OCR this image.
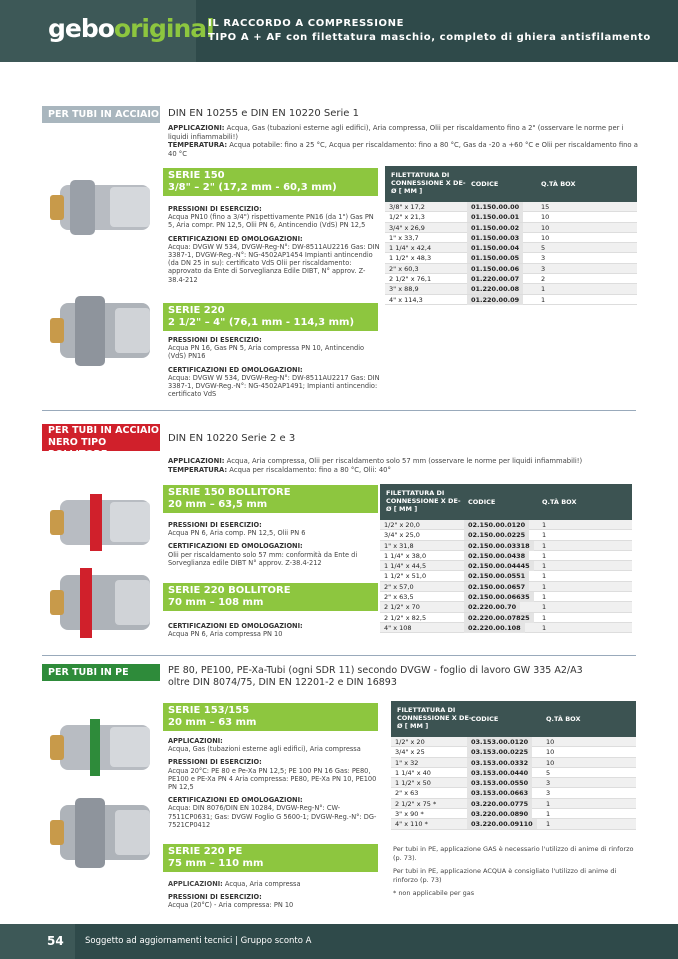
gebooriginal
IL RACCORDO A COMPRESSIONE
TIPO A + AF con filettatura maschio, completo di ghiera antisfilamento
PER TUBI IN ACCIAIO DIN EN 10255 e DIN EN 10220 Serie 1
APPLICAZIONI: Acqua, Gas (tubazioni esterne agli edifici), Aria compressa, Olii per riscaldamento fino a 2" (osservare le norme per i liquidi infiammabili!)
TEMPERATURA: Acqua potabile: fino a 25 °C, Acqua per riscaldamento: fino a 80 °C, Gas da -20 a +60 °C e Olii per riscaldamento fino a 40 °C
SERIE 150
3/8" – 2" (17,2 mm - 60,3 mm)
PRESSIONI DI ESERCIZIO:
Acqua PN10 (fino a 3/4") rispettivamente PN16 (da 1") Gas PN 5, Aria compr. PN 12,5, Olii PN 6, Antincendio (VdS) PN 12,5
CERTIFICAZIONI ED OMOLOGAZIONI:
Acqua: DVGW W 534, DVGW-Reg-N°: DW-8511AU2216 Gas: DIN 3387-1, DVGW-Reg.-N°: NG-4502AP1454 Impianti antincendio (da DN 25 in su): certificato VdS Olii per riscaldamento: approvato da Ente di Sorveglianza Edile DIBT, N° approv. Z-38.4-212
SERIE 220
2 1/2" – 4" (76,1 mm - 114,3 mm)
PRESSIONI DI ESERCIZIO:
Acqua PN 16, Gas PN 5, Aria compressa PN 10, Antincendio (VdS) PN16
CERTIFICAZIONI ED OMOLOGAZIONI:
Acqua: DVGW W 534, DVGW-Reg-N°: DW-8511AU2217 Gas: DIN 3387-1, DVGW-Reg.-N°: NG-4502AP1491; Impianti antincendio: certificato VdS
FILETTATURA DI CONNESSIONE X DE-Ø [ MM ]
CODICE	Q.TÀ BOX
3/8" x 17,2	01.150.00.00	15
1/2" x 21,3	01.150.00.01	10
3/4" x 26,9	01.150.00.02	10
1" x 33,7	01.150.00.03	10
1 1/4" x 42,4	01.150.00.04	5
1 1/2" x 48,3	01.150.00.05	3
2" x 60,3	01.150.00.06	3
2 1/2" x 76,1	01.220.00.07	2
3" x 88,9	01.220.00.08	1
4" x 114,3	01.220.00.09	1
PER TUBI IN ACCIAIO
NERO TIPO BOLLITORE
DIN EN 10220 Serie 2 e 3
APPLICAZIONI: Acqua, Aria compressa, Olii per riscaldamento solo 57 mm (osservare le norme per liquidi infiammabili!)
TEMPERATURA: Acqua per riscaldamento: fino a 80 °C, Olii: 40°
SERIE 150 BOLLITORE
20 mm – 63,5 mm
PRESSIONI DI ESERCIZIO:
Acqua PN 6, Aria comp. PN 12,5, Olii PN 6
CERTIFICAZIONI ED OMOLOGAZIONI:
Olii per riscaldamento solo 57 mm: conformità da Ente di Sorveglianza edile DIBT N° approv. Z-38.4-212
SERIE 220 BOLLITORE
70 mm – 108 mm
CERTIFICAZIONI ED OMOLOGAZIONI:
Acqua PN 6, Aria compressa PN 10
FILETTATURA DI CONNESSIONE X DE-Ø [ MM ]
CODICE	Q.TÀ BOX
1/2" x 20,0	02.150.00.0120	1
3/4" x 25,0	02.150.00.0225	1
1" x 31,8	02.150.00.03318	1
1 1/4" x 38,0	02.150.00.0438	1
1 1/4" x 44,5	02.150.00.04445	1
1 1/2" x 51,0	02.150.00.0551	1
2" x 57,0	02.150.00.0657	1
2" x 63,5	02.150.00.06635	1
2 1/2" x 70	02.220.00.70	1
2 1/2" x 82,5	02.220.00.07825	1
4" x 108	02.220.00.108	1
PER TUBI IN PE	PE 80, PE100, PE-Xa-Tubi (ogni SDR 11) secondo DVGW - foglio di lavoro GW 335 A2/A3
oltre DIN 8074/75, DIN EN 12201-2 e DIN 16893
SERIE 153/155
20 mm – 63 mm
APPLICAZIONI:
Acqua, Gas (tubazioni esterne agli edifici), Aria compressa
PRESSIONI DI ESERCIZIO:
Acqua 20°C: PE 80 e Pe-Xa PN 12,5; PE 100 PN 16 Gas: PE80, PE100 e PE-Xa PN 4 Aria compressa: PE80, PE-Xa PN 10, PE100 PN 12,5
CERTIFICAZIONI ED OMOLOGAZIONI:
Acqua: DIN 8076/DIN EN 10284, DVGW-Reg-N°: CW-7511CP0631; Gas: DVGW Foglio G 5600-1; DVGW-Reg.-N°: DG-7521CP0412
SERIE 220 PE
75 mm – 110 mm
APPLICAZIONI: Acqua, Aria compressa
PRESSIONI DI ESERCIZIO:
Acqua (20°C) - Aria compressa: PN 10
FILETTATURA DI CONNESSIONE X DE-Ø [ MM ]
CODICE	Q.TÀ BOX
1/2" x 20	03.153.00.0120	10
3/4" x 25	03.153.00.0225	10
1" x 32	03.153.00.0332	10
1 1/4" x 40	03.153.00.0440	5
1 1/2" x 50	03.153.00.0550	3
2" x 63	03.153.00.0663	3
2 1/2" x 75 *	03.220.00.0775	1
3" x 90 *	03.220.00.0890	1
4" x 110 *	03.220.00.09110	1
Per tubi in PE, applicazione GAS è necessario l'utilizzo di anime di rinforzo (p. 73).
Per tubi in PE, applicazione ACQUA è consigliato l'utilizzo di anime di rinforzo (p. 73)
* non applicabile per gas
54	Soggetto ad aggiornamenti tecnici | Gruppo sconto A
